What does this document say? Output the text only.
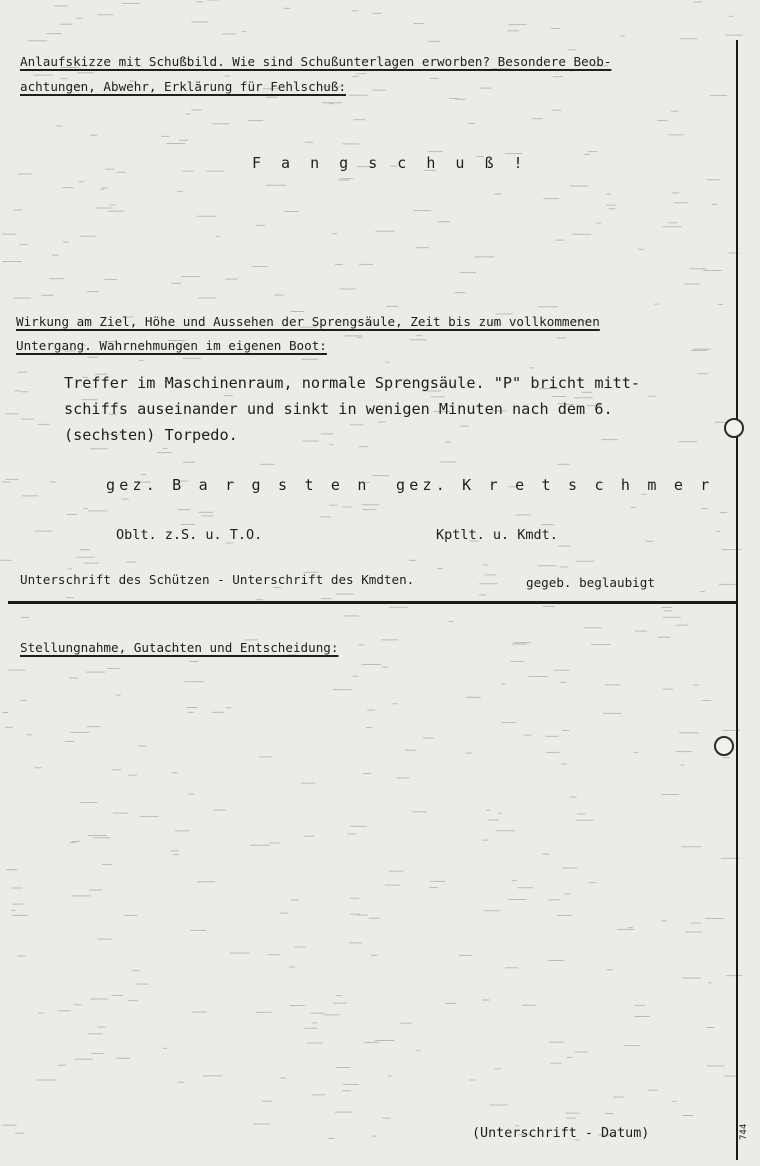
Anlaufskizze mit Schußbild. Wie sind Schußunterlagen erworben? Besondere Beob-
achtungen, Abwehr, Erklärung für Fehlschuß:
F a n g s c h u ß !
Wirkung am Ziel, Höhe und Aussehen der Sprengsäule, Zeit bis zum vollkommenen
Untergang. Wahrnehmungen im eigenen Boot:
Treffer im Maschinenraum, normale Sprengsäule. "P" bricht mitt-
schiffs auseinander und sinkt in wenigen Minuten nach dem 6.
(sechsten) Torpedo.
gez. B a r g s t e n gez. K r e t s c h m e r
Oblt. z.S. u. T.O.	Kptlt. u. Kmdt.
Unterschrift des Schützen - Unterschrift des Kmdten.	gegeb. beglaubigt
Stellungnahme, Gutachten und Entscheidung:
(Unterschrift - Datum)	744
